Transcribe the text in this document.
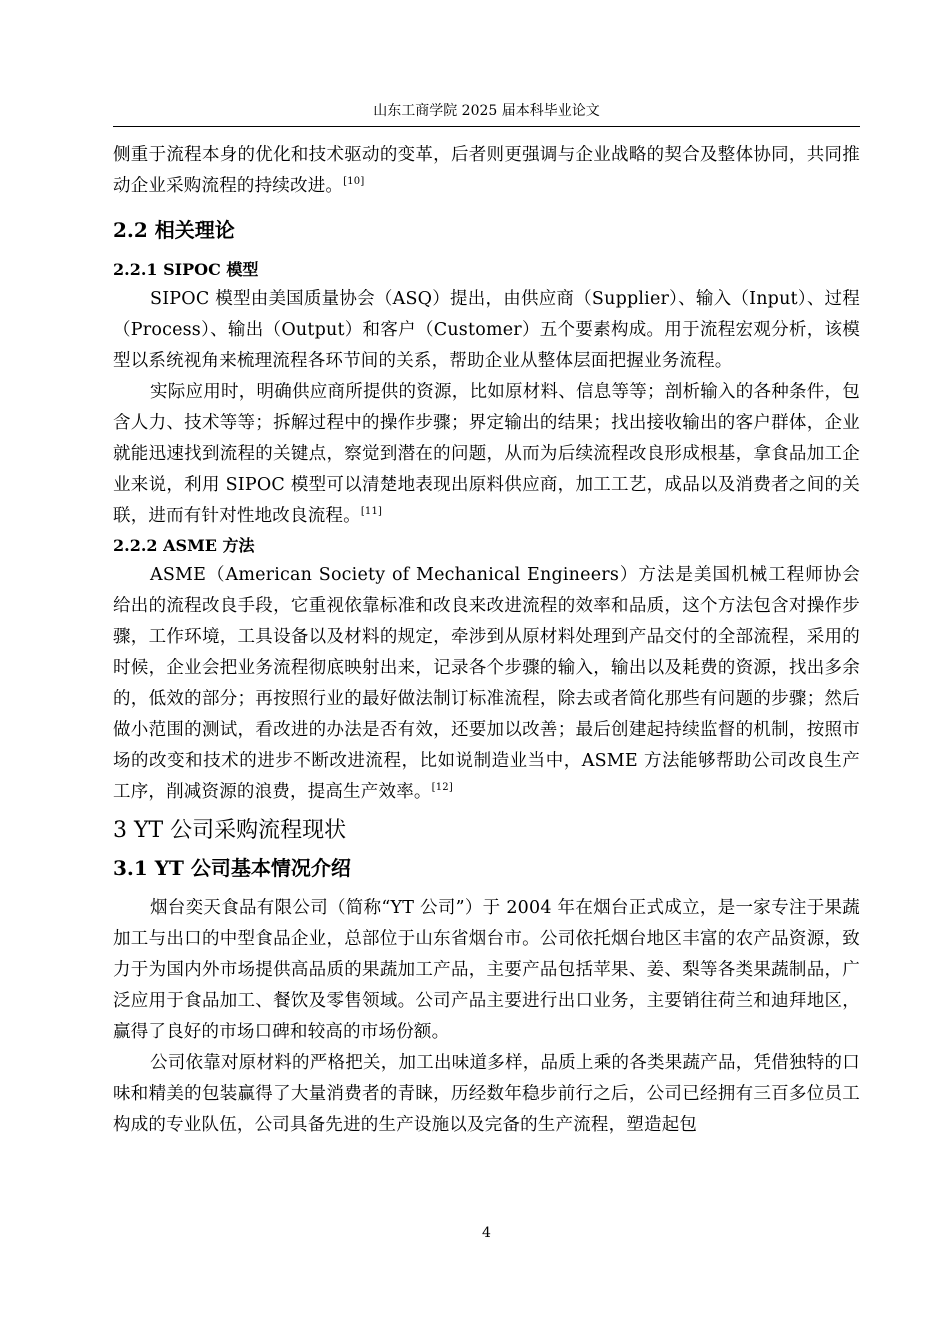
山东工商学院 2025 届本科毕业论文

侧重于流程本身的优化和技术驱动的变革，后者则更强调与企业战略的契合及整体协同，共同推动企业采购流程的持续改进。[10]

2.2 相关理论
2.2.1 SIPOC 模型

SIPOC 模型由美国质量协会（ASQ）提出，由供应商（Supplier）、输入（Input）、过程（Process）、输出（Output）和客户（Customer）五个要素构成。用于流程宏观分析，该模型以系统视角来梳理流程各环节间的关系，帮助企业从整体层面把握业务流程。

实际应用时，明确供应商所提供的资源，比如原材料、信息等等；剖析输入的各种条件，包含人力、技术等等；拆解过程中的操作步骤；界定输出的结果；找出接收输出的客户群体，企业就能迅速找到流程的关键点，察觉到潜在的问题，从而为后续流程改良形成根基，拿食品加工企业来说，利用 SIPOC 模型可以清楚地表现出原料供应商，加工工艺，成品以及消费者之间的关联，进而有针对性地改良流程。[11]

2.2.2 ASME 方法

ASME（American Society of Mechanical Engineers）方法是美国机械工程师协会给出的流程改良手段，它重视依靠标准和改良来改进流程的效率和品质，这个方法包含对操作步骤，工作环境，工具设备以及材料的规定，牵涉到从原材料处理到产品交付的全部流程，采用的时候，企业会把业务流程彻底映射出来，记录各个步骤的输入，输出以及耗费的资源，找出多余的，低效的部分；再按照行业的最好做法制订标准流程，除去或者简化那些有问题的步骤；然后做小范围的测试，看改进的办法是否有效，还要加以改善；最后创建起持续监督的机制，按照市场的改变和技术的进步不断改进流程，比如说制造业当中，ASME 方法能够帮助公司改良生产工序，削减资源的浪费，提高生产效率。[12]

3 YT 公司采购流程现状
3.1 YT 公司基本情况介绍

烟台奕天食品有限公司（简称“YT 公司”）于 2004 年在烟台正式成立，是一家专注于果蔬加工与出口的中型食品企业，总部位于山东省烟台市。公司依托烟台地区丰富的农产品资源，致力于为国内外市场提供高品质的果蔬加工产品，主要产品包括苹果、姜、梨等各类果蔬制品，广泛应用于食品加工、餐饮及零售领域。公司产品主要进行出口业务，主要销往荷兰和迪拜地区，赢得了良好的市场口碑和较高的市场份额。

公司依靠对原材料的严格把关，加工出味道多样，品质上乘的各类果蔬产品，凭借独特的口味和精美的包装赢得了大量消费者的青睐，历经数年稳步前行之后，公司已经拥有三百多位员工构成的专业队伍，公司具备先进的生产设施以及完备的生产流程，塑造起包

4
